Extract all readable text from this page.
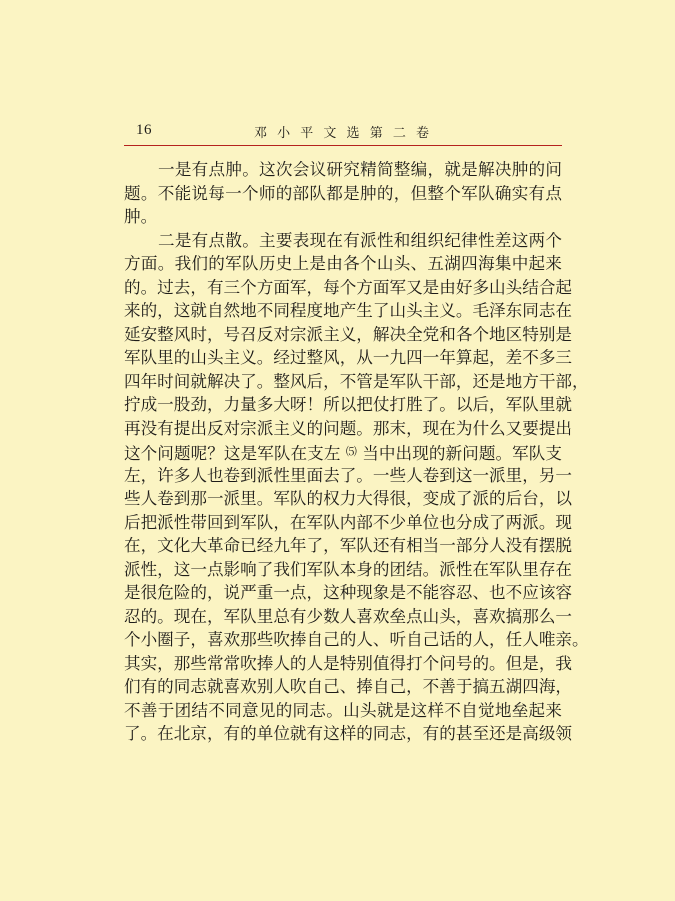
16	邓 小 平 文 选 第 二 卷
一是有点肿。这次会议研究精简整编，就是解决肿的问
题。不能说每一个师的部队都是肿的，但整个军队确实有点
肿。
二是有点散。主要表现在有派性和组织纪律性差这两个
方面。我们的军队历史上是由各个山头、五湖四海集中起来
的。过去，有三个方面军，每个方面军又是由好多山头结合起
来的，这就自然地不同程度地产生了山头主义。毛泽东同志在
延安整风时，号召反对宗派主义，解决全党和各个地区特别是
军队里的山头主义。经过整风，从一九四一年算起，差不多三
四年时间就解决了。整风后，不管是军队干部，还是地方干部，
拧成一股劲，力量多大呀！所以把仗打胜了。以后，军队里就
再没有提出反对宗派主义的问题。那末，现在为什么又要提出
这个问题呢？这是军队在支左 ⑸ 当中出现的新问题。军队支
左，许多人也卷到派性里面去了。一些人卷到这一派里，另一
些人卷到那一派里。军队的权力大得很，变成了派的后台，以
后把派性带回到军队，在军队内部不少单位也分成了两派。现
在，文化大革命已经九年了，军队还有相当一部分人没有摆脱
派性，这一点影响了我们军队本身的团结。派性在军队里存在
是很危险的，说严重一点，这种现象是不能容忍、也不应该容
忍的。现在，军队里总有少数人喜欢垒点山头，喜欢搞那么一
个小圈子，喜欢那些吹捧自己的人、听自己话的人，任人唯亲。
其实，那些常常吹捧人的人是特别值得打个问号的。但是，我
们有的同志就喜欢别人吹自己、捧自己，不善于搞五湖四海，
不善于团结不同意见的同志。山头就是这样不自觉地垒起来
了。在北京，有的单位就有这样的同志，有的甚至还是高级领
